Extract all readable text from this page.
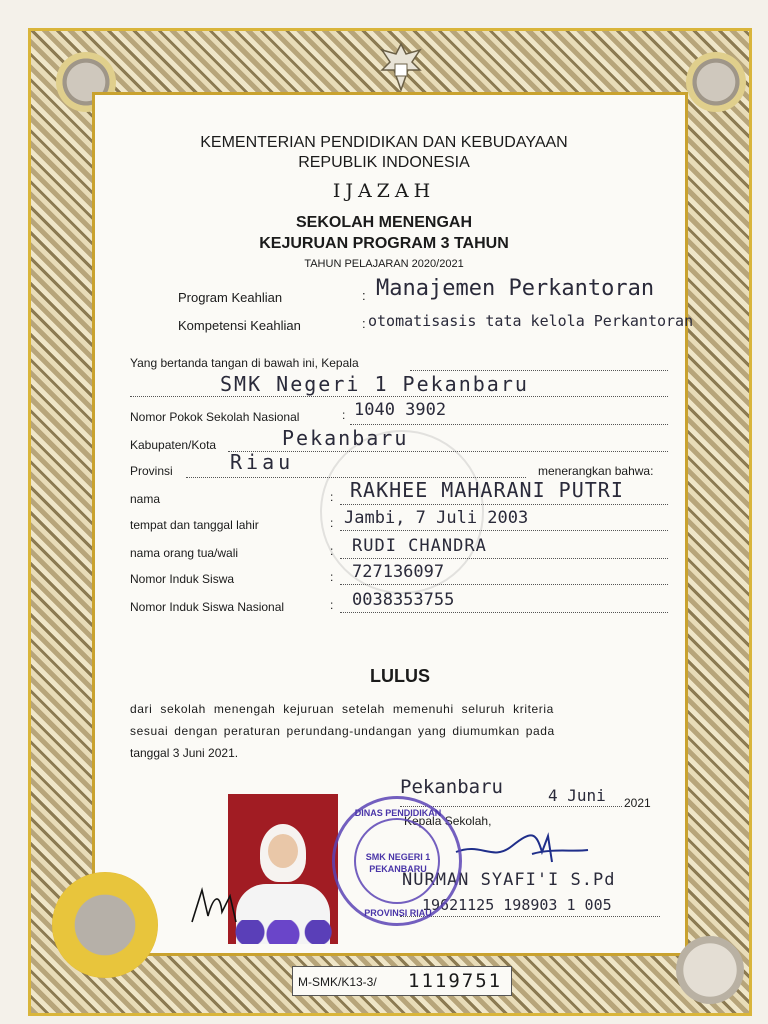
KEMENTERIAN PENDIDIKAN DAN KEBUDAYAAN
REPUBLIK INDONESIA
IJAZAH
SEKOLAH MENENGAH
KEJURUAN PROGRAM 3 TAHUN
TAHUN PELAJARAN 2020/2021
Program Keahlian	: Manajemen Perkantoran
Kompetensi Keahlian	: otomatisasis tata kelola Perkantoran
Yang bertanda tangan di bawah ini, Kepala
SMK Negeri 1 Pekanbaru
Nomor Pokok Sekolah Nasional	: 1040 3902
Kabupaten/Kota	Pekanbaru
Provinsi	Riau	menerangkan bahwa:
nama	: RAKHEE MAHARANI PUTRI
tempat dan tanggal lahir	: Jambi, 7 Juli 2003
nama orang tua/wali	: RUDI CHANDRA
Nomor Induk Siswa	: 727136097
Nomor Induk Siswa Nasional	: 0038353755
LULUS
dari sekolah menengah kejuruan setelah memenuhi seluruh kriteria
sesuai dengan peraturan perundang-undangan yang diumumkan pada
tanggal 3 Juni 2021.
Pekanbaru	4 Juni 2021
Kepala Sekolah,
NURMAN SYAFI'I S.Pd
19621125 198903 1 005
DINAS PENDIDIKAN
SMK NEGERI 1
PEKANBARU
PROVINSI RIAU
M-SMK/K13-3/ 1119751
